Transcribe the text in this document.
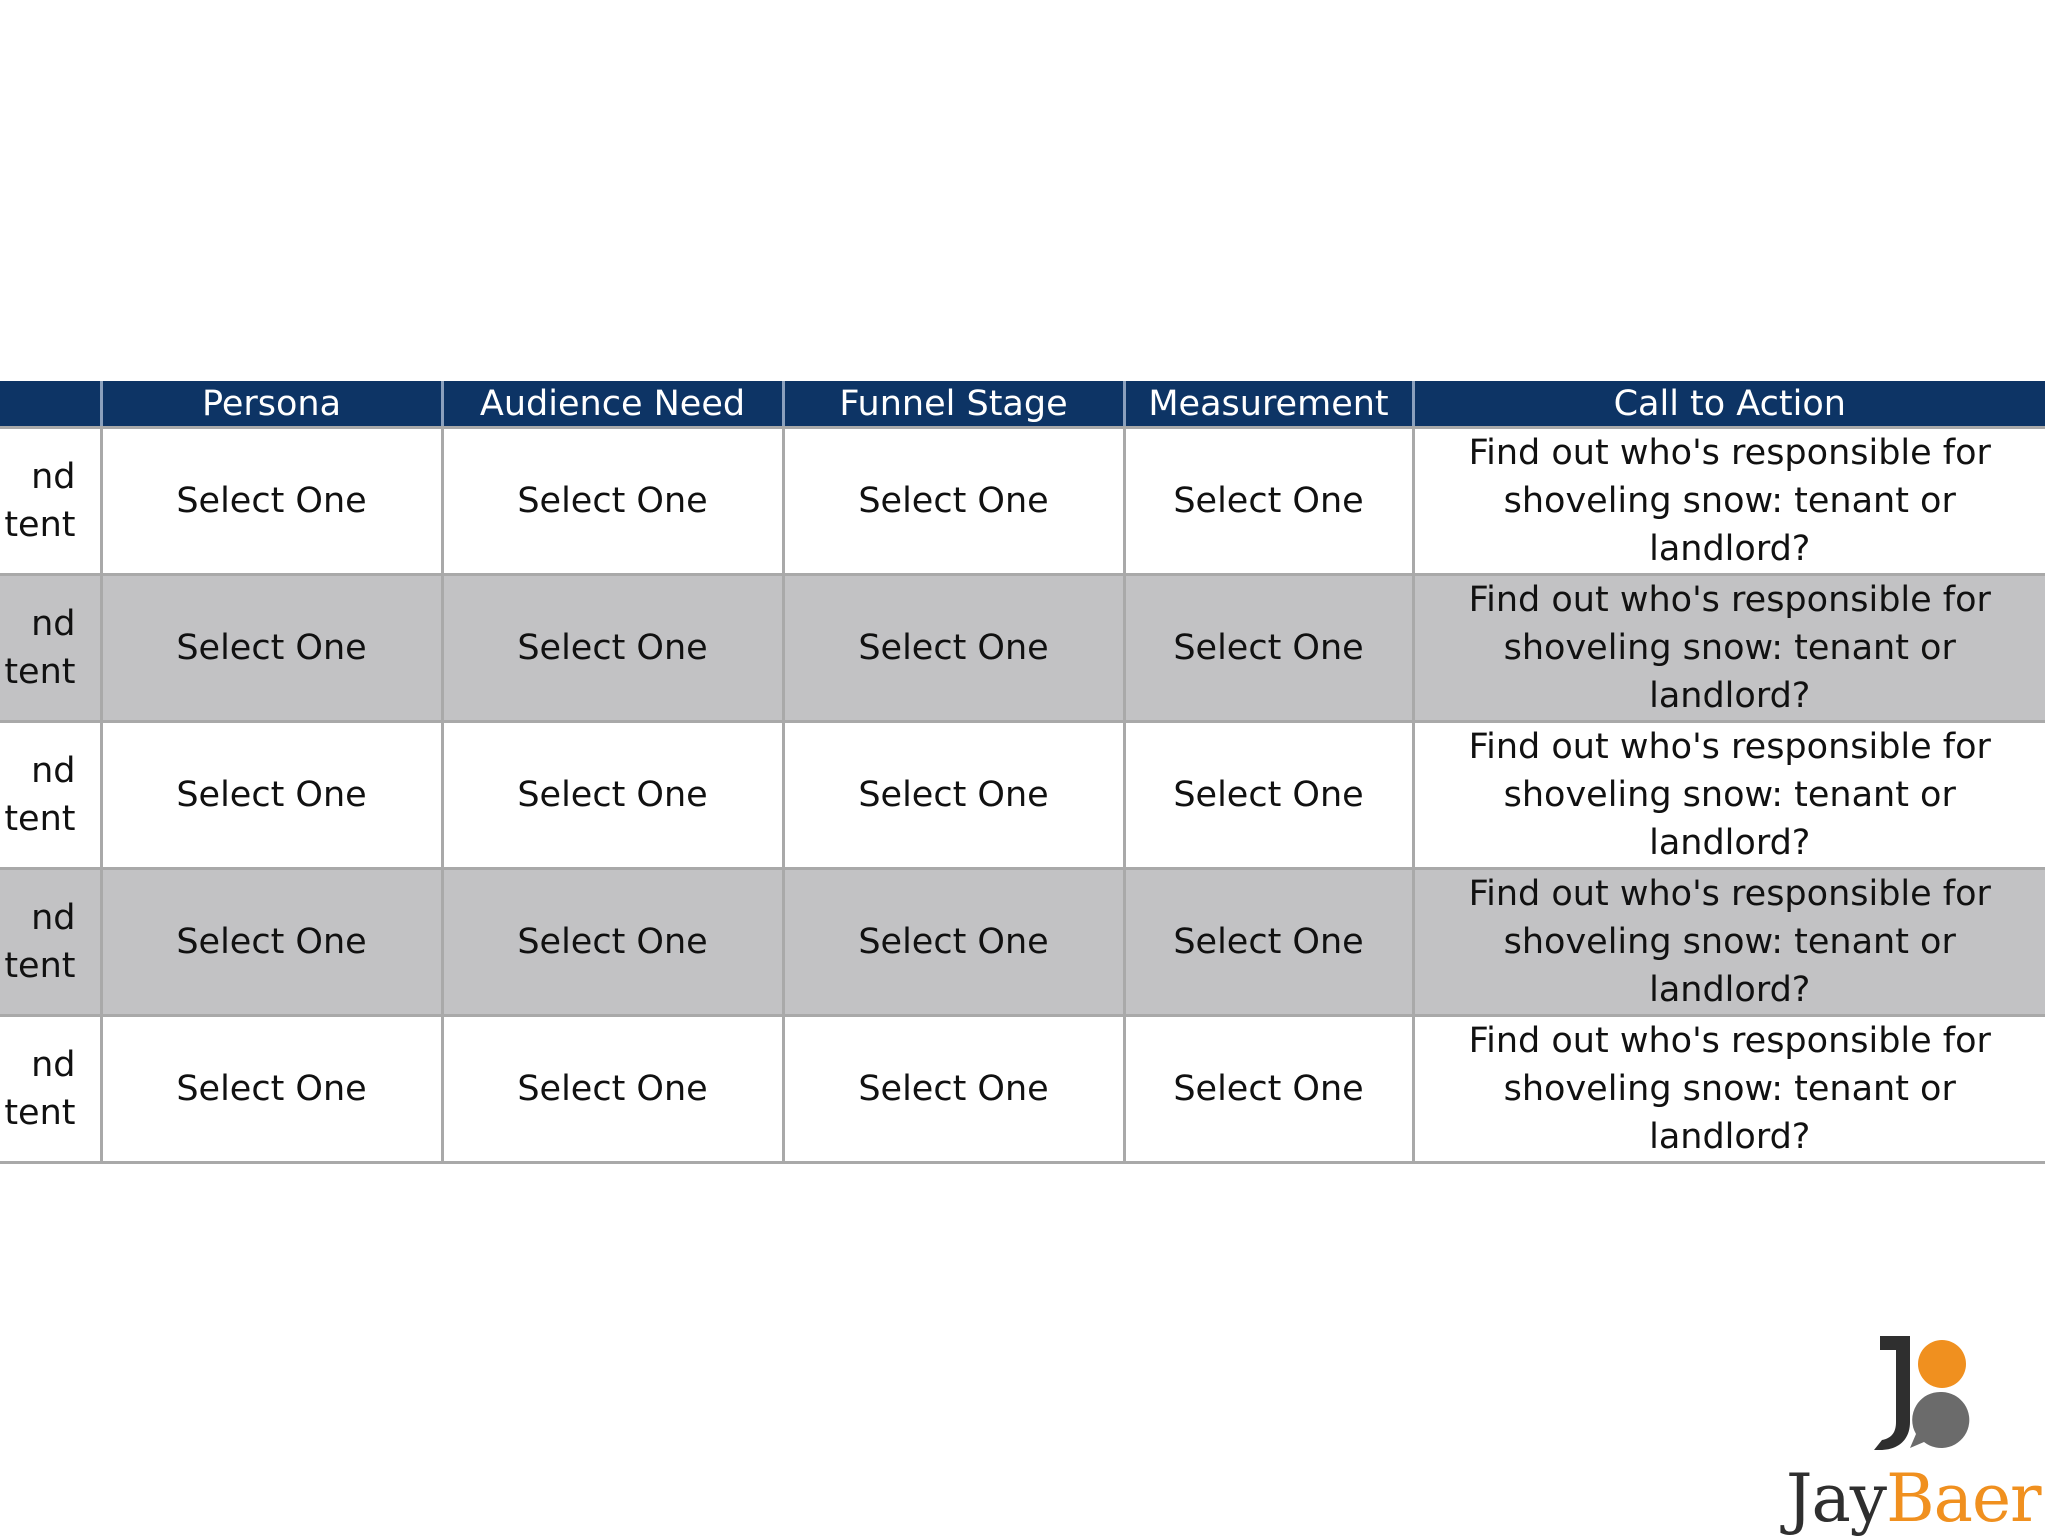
	Persona	Audience Need	Funnel Stage	Measurement	Call to Action
nd
tent	Select One	Select One	Select One	Select One	Find out who's responsible for shoveling snow: tenant or landlord?
nd
tent	Select One	Select One	Select One	Select One	Find out who's responsible for shoveling snow: tenant or landlord?
nd
tent	Select One	Select One	Select One	Select One	Find out who's responsible for shoveling snow: tenant or landlord?
nd
tent	Select One	Select One	Select One	Select One	Find out who's responsible for shoveling snow: tenant or landlord?
nd
tent	Select One	Select One	Select One	Select One	Find out who's responsible for shoveling snow: tenant or landlord?
JayBaer
